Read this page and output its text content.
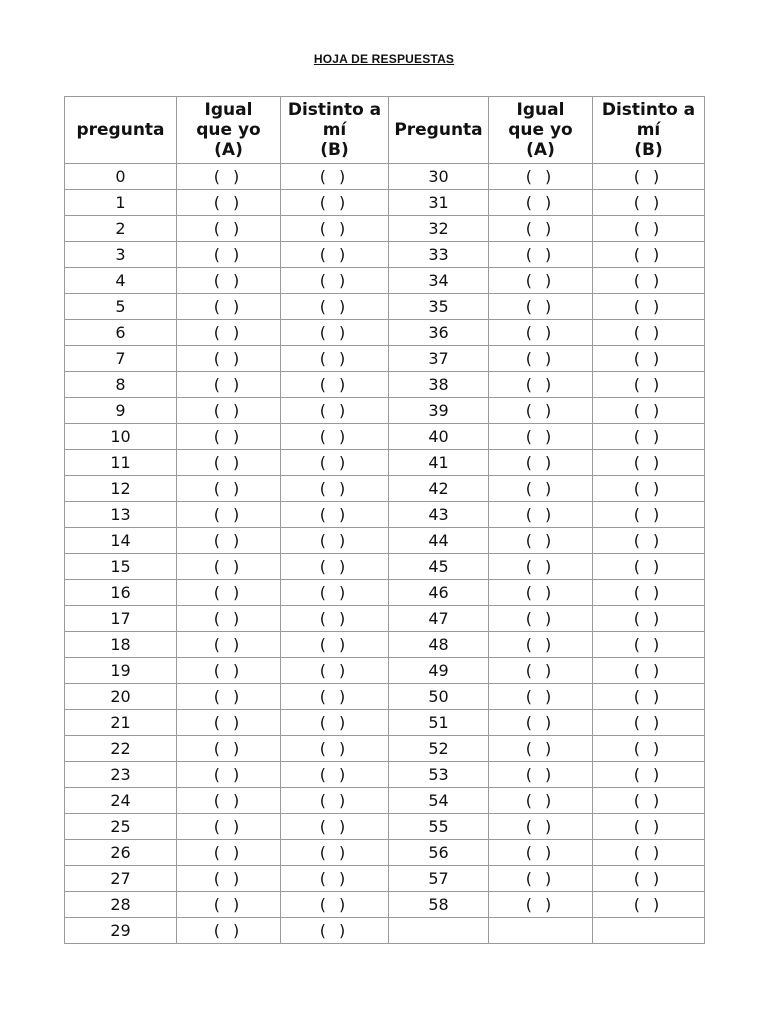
HOJA DE RESPUESTAS
pregunta	Igual
que yo
(A)	Distinto a
mí
(B)	Pregunta	Igual
que yo
(A)	Distinto a
mí
(B)

0	( )	( )	30	( )	( )
1	( )	( )	31	( )	( )
2	( )	( )	32	( )	( )
3	( )	( )	33	( )	( )
4	( )	( )	34	( )	( )
5	( )	( )	35	( )	( )
6	( )	( )	36	( )	( )
7	( )	( )	37	( )	( )
8	( )	( )	38	( )	( )
9	( )	( )	39	( )	( )
10	( )	( )	40	( )	( )
11	( )	( )	41	( )	( )
12	( )	( )	42	( )	( )
13	( )	( )	43	( )	( )
14	( )	( )	44	( )	( )
15	( )	( )	45	( )	( )
16	( )	( )	46	( )	( )
17	( )	( )	47	( )	( )
18	( )	( )	48	( )	( )
19	( )	( )	49	( )	( )
20	( )	( )	50	( )	( )
21	( )	( )	51	( )	( )
22	( )	( )	52	( )	( )
23	( )	( )	53	( )	( )
24	( )	( )	54	( )	( )
25	( )	( )	55	( )	( )
26	( )	( )	56	( )	( )
27	( )	( )	57	( )	( )
28	( )	( )	58	( )	( )
29	( )	( )			
